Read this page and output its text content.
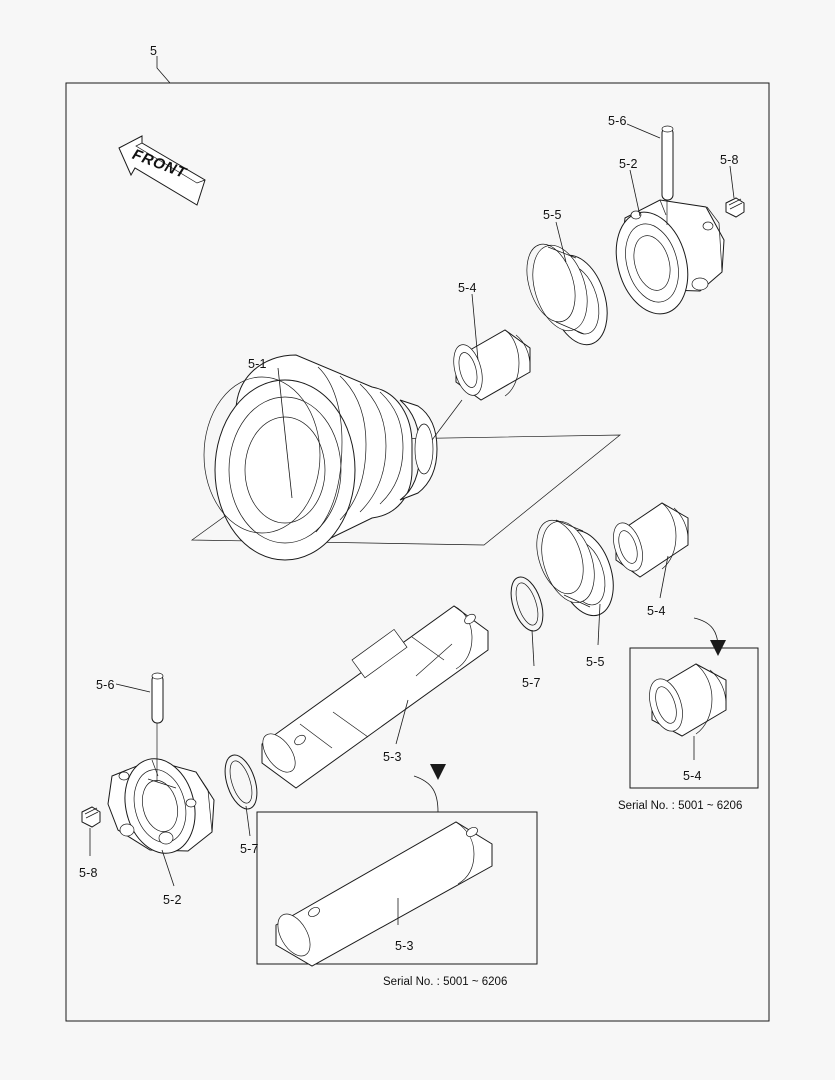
FRONT
5
5-1
5-2
5-4
5-5
5-6
5-8
5-3
5-4
5-5
5-7
5-6
5-7
5-8
5-2
5-4
5-3
Serial No. : 5001 ~ 6206
Serial No. : 5001 ~ 6206
